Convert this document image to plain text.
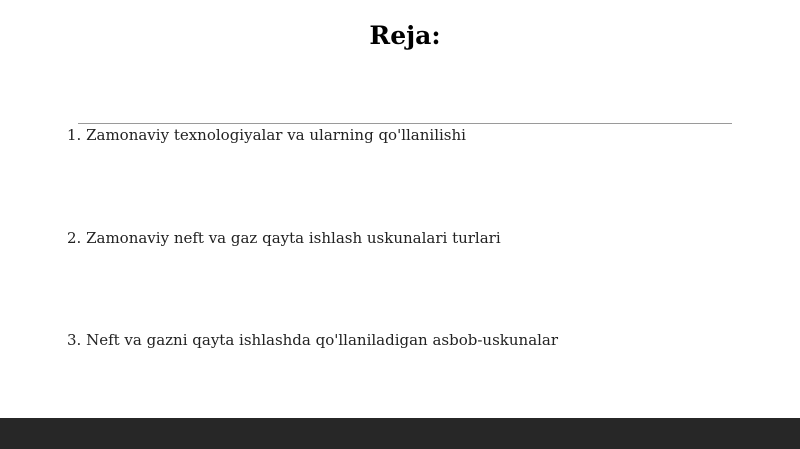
Reja:

1. Zamonaviy texnologiyalar va ularning qo'llanilishi

2. Zamonaviy neft va gaz qayta ishlash uskunalari turlari

3. Neft va gazni qayta ishlashda qo'llaniladigan asbob-uskunalar
